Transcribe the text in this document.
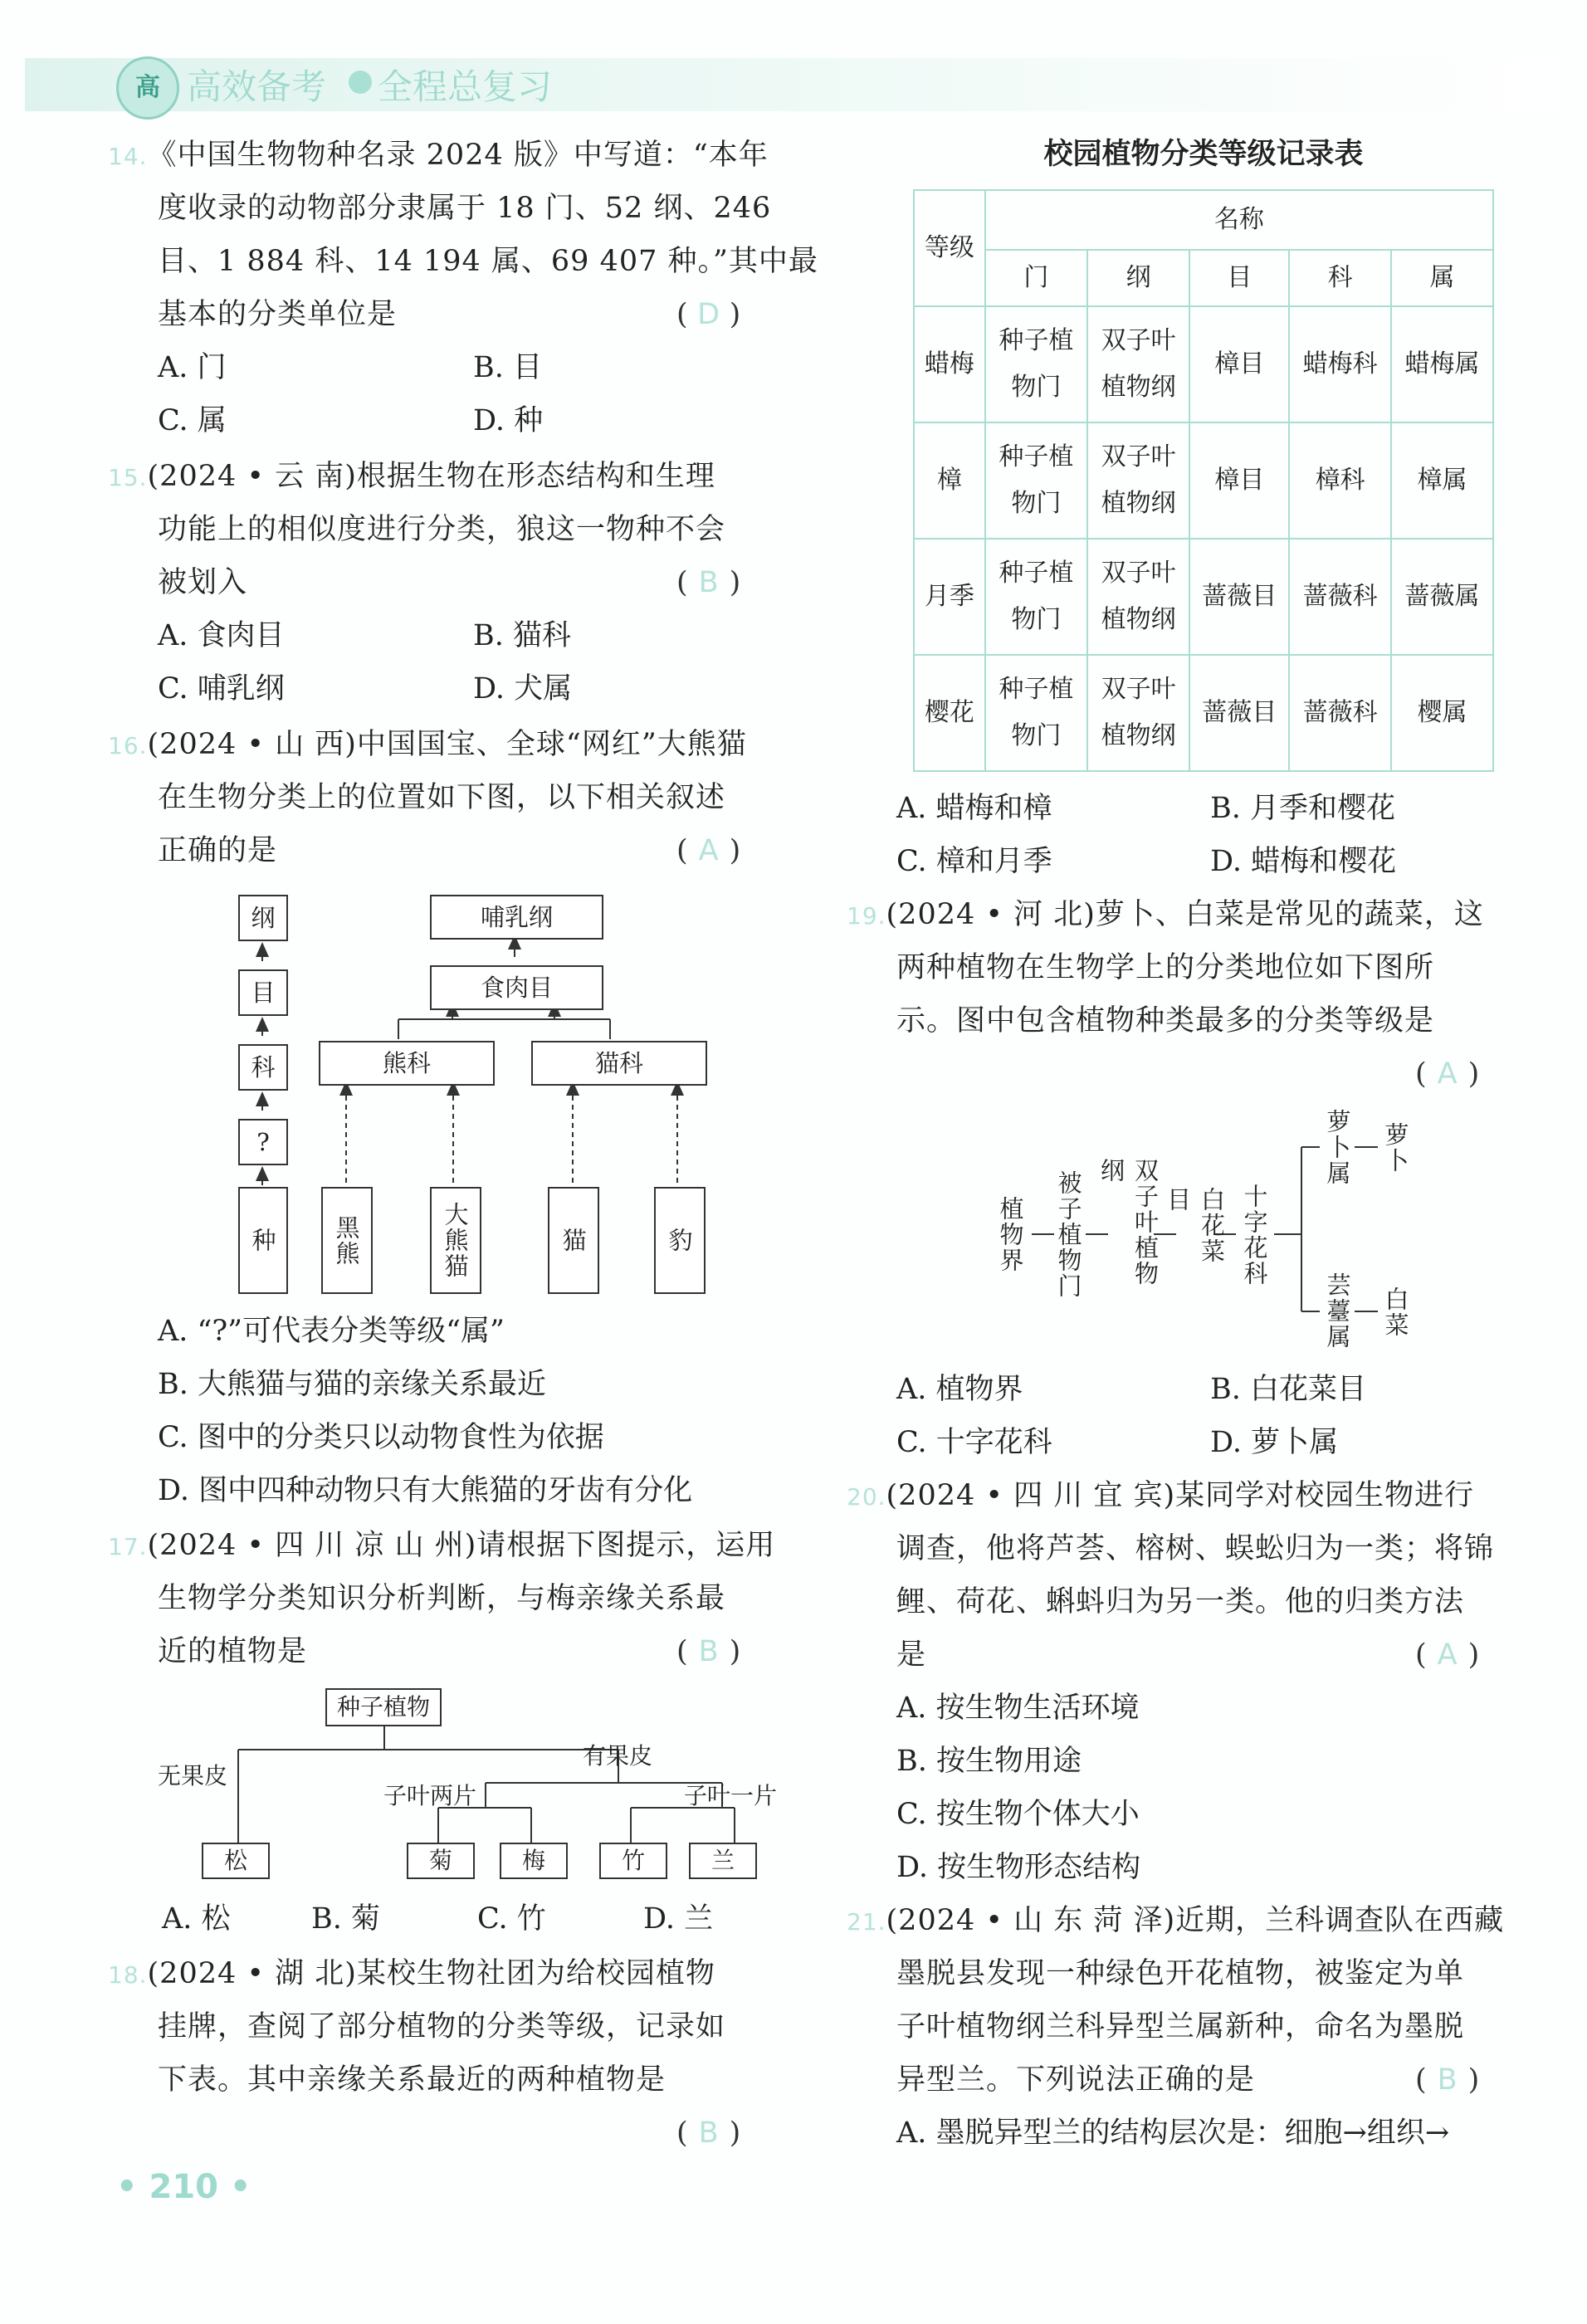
高 高效备考 全程总复习
14.《中国生物物种名录 2024 版》中写道：“本年
度收录的动物部分隶属于 18 门、52 纲、246
目、1 884 科、14 194 属、69 407 种。”其中最
基本的分类单位是	( D )
A. 门	B. 目
C. 属	D. 种
15.(2024 • 云 南)根据生物在形态结构和生理
功能上的相似度进行分类，狼这一物种不会
被划入	( B )
A. 食肉目	B. 猫科
C. 哺乳纲	D. 犬属
16.(2024 • 山 西)中国国宝、全球“网红”大熊猫
在生物分类上的位置如下图，以下相关叙述
正确的是	( A )
纲
目
科
?
种
哺乳纲
食肉目
熊科	猫科
黑熊	大熊猫	猫	豹
A. “?”可代表分类等级“属”
B. 大熊猫与猫的亲缘关系最近
C. 图中的分类只以动物食性为依据
D. 图中四种动物只有大熊猫的牙齿有分化
17.(2024 • 四 川 凉 山 州)请根据下图提示，运用
生物学分类知识分析判断，与梅亲缘关系最
近的植物是	( B )
种子植物
无果皮
有果皮
子叶两片	子叶一片
松	菊	梅	竹	兰
A. 松	B. 菊	C. 竹	D. 兰
18.(2024 • 湖 北)某校生物社团为给校园植物
挂牌，查阅了部分植物的分类等级，记录如
下表。其中亲缘关系最近的两种植物是
( B )
校园植物分类等级记录表
等级	名称				
	门	纲	目	科	属
蜡梅	种子植物门	双子叶植物纲	樟目	蜡梅科	蜡梅属
樟	种子植物门	双子叶植物纲	樟目	樟科	樟属
月季	种子植物门	双子叶植物纲	蔷薇目	蔷薇科	蔷薇属
樱花	种子植物门	双子叶植物纲	蔷薇目	蔷薇科	樱属
A. 蜡梅和樟	B. 月季和樱花
C. 樟和月季	D. 蜡梅和樱花
19.(2024 • 河 北)萝卜、白菜是常见的蔬菜，这
两种植物在生物学上的分类地位如下图所
示。图中包含植物种类最多的分类等级是
( A )
植物界 被子植物门	双子叶植物纲
白花菜目	十字花科
萝卜属 萝卜
芸薹属 白菜
A. 植物界	B. 白花菜目
C. 十字花科	D. 萝卜属
20.(2024 • 四 川 宜 宾)某同学对校园生物进行
调查，他将芦荟、榕树、蜈蚣归为一类；将锦
鲤、荷花、蝌蚪归为另一类。他的归类方法
是	( A )
A. 按生物生活环境
B. 按生物用途
C. 按生物个体大小
D. 按生物形态结构
21.(2024 • 山 东 菏 泽)近期，兰科调查队在西藏
墨脱县发现一种绿色开花植物，被鉴定为单
子叶植物纲兰科异型兰属新种，命名为墨脱
异型兰。下列说法正确的是	( B )
A. 墨脱异型兰的结构层次是：细胞→组织→
• 210 •
